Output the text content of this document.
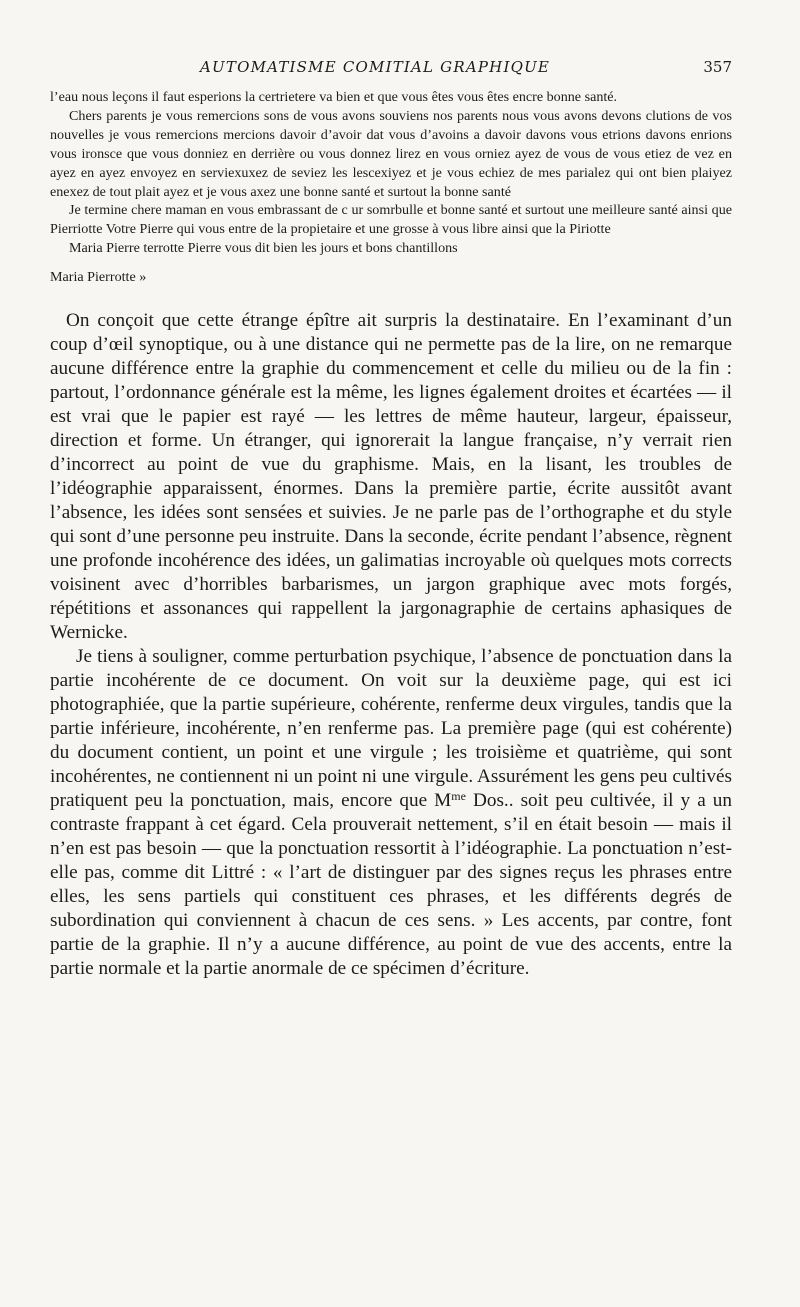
AUTOMATISME COMITIAL GRAPHIQUE	357

l’eau nous leçons il faut esperions la certrietere va bien et que vous êtes vous êtes encre bonne santé.

Chers parents je vous remercions sons de vous avons souviens nos parents nous vous avons devons clutions de vos nouvelles je vous remercions mercions davoir d’avoir dat vous d’avoins a davoir davons vous etrions davons enrions vous ironsce que vous donniez en derrière ou vous donnez lirez en vous orniez ayez de vous de vous etiez de vez en ayez en ayez envoyez en serviexuxez de seviez les lescexiyez et je vous echiez de mes parialez qui ont bien plaiyez enexez de tout plait ayez et je vous axez une bonne santé et surtout la bonne santé

Je termine chere maman en vous embrassant de c ur somrbulle et bonne santé et surtout une meilleure santé ainsi que Pierriotte Votre Pierre qui vous entre de la propietaire et une grosse à vous libre ainsi que la Piriotte

Maria Pierre terrotte Pierre vous dit bien les jours et bons chantillons

Maria Pierrotte »

On conçoit que cette étrange épître ait surpris la destinataire. En l’examinant d’un coup d’œil synoptique, ou à une distance qui ne permette pas de la lire, on ne remarque aucune différence entre la graphie du commencement et celle du milieu ou de la fin : partout, l’ordonnance générale est la même, les lignes également droites et écartées — il est vrai que le papier est rayé — les lettres de même hauteur, largeur, épaisseur, direction et forme. Un étranger, qui ignorerait la langue française, n’y verrait rien d’incorrect au point de vue du graphisme. Mais, en la lisant, les troubles de l’idéographie apparaissent, énormes. Dans la première partie, écrite aussitôt avant l’absence, les idées sont sensées et suivies. Je ne parle pas de l’orthographe et du style qui sont d’une personne peu instruite. Dans la seconde, écrite pendant l’absence, règnent une profonde incohérence des idées, un galimatias incroyable où quelques mots corrects voisinent avec d’horribles barbarismes, un jargon graphique avec mots forgés, répétitions et assonances qui rappellent la jargonagraphie de certains aphasiques de Wernicke.

Je tiens à souligner, comme perturbation psychique, l’absence de ponctuation dans la partie incohérente de ce document. On voit sur la deuxième page, qui est ici photographiée, que la partie supérieure, cohérente, renferme deux virgules, tandis que la partie inférieure, incohérente, n’en renferme pas. La première page (qui est cohérente) du document contient, un point et une virgule ; les troisième et quatrième, qui sont incohérentes, ne contiennent ni un point ni une virgule. Assurément les gens peu cultivés pratiquent peu la ponctuation, mais, encore que $M^{me}$ Dos.. soit peu cultivée, il y a un contraste frappant à cet égard. Cela prouverait nettement, s’il en était besoin — mais il n’en est pas besoin — que la ponctuation ressortit à l’idéographie. La ponctuation n’est-elle pas, comme dit Littré : « l’art de distinguer par des signes reçus les phrases entre elles, les sens partiels qui constituent ces phrases, et les différents degrés de subordination qui conviennent à chacun de ces sens. » Les accents, par contre, font partie de la graphie. Il n’y a aucune différence, au point de vue des accents, entre la partie normale et la partie anormale de ce spécimen d’écriture.
